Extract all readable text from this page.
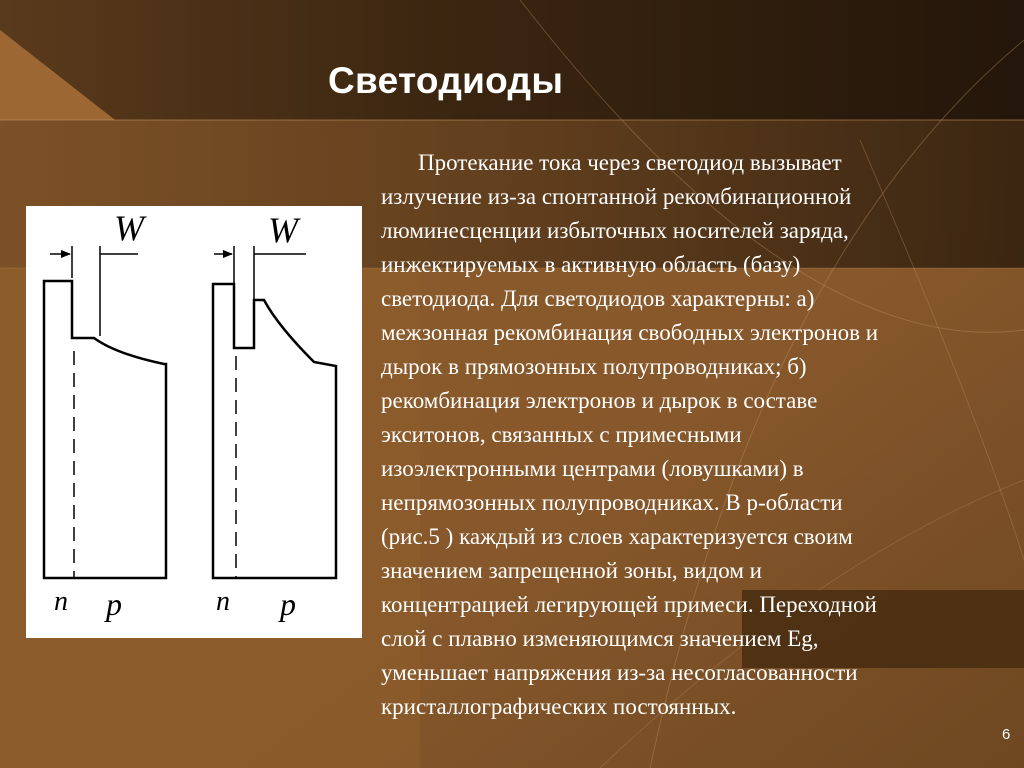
Светодиоды
W
n p
W
n p

Протекание тока через светодиод вызывает
излучение из-за спонтанной рекомбинационной
люминесценции избыточных носителей заряда,
инжектируемых в активную область (базу)
светодиода. Для светодиодов характерны: а)
межзонная рекомбинация свободных электронов и
дырок в прямозонных полупроводниках; б)
рекомбинация электронов и дырок в составе
экситонов, связанных с примесными
изоэлектронными центрами (ловушками) в
непрямозонных полупроводниках. В р-области
(рис.5 ) каждый из слоев характеризуется своим
значением запрещенной зоны, видом и
концентрацией легирующей примеси. Переходной
слой с плавно изменяющимся значением Eg,
уменьшает напряжения из-за несогласованности
кристаллографических постоянных.

6
